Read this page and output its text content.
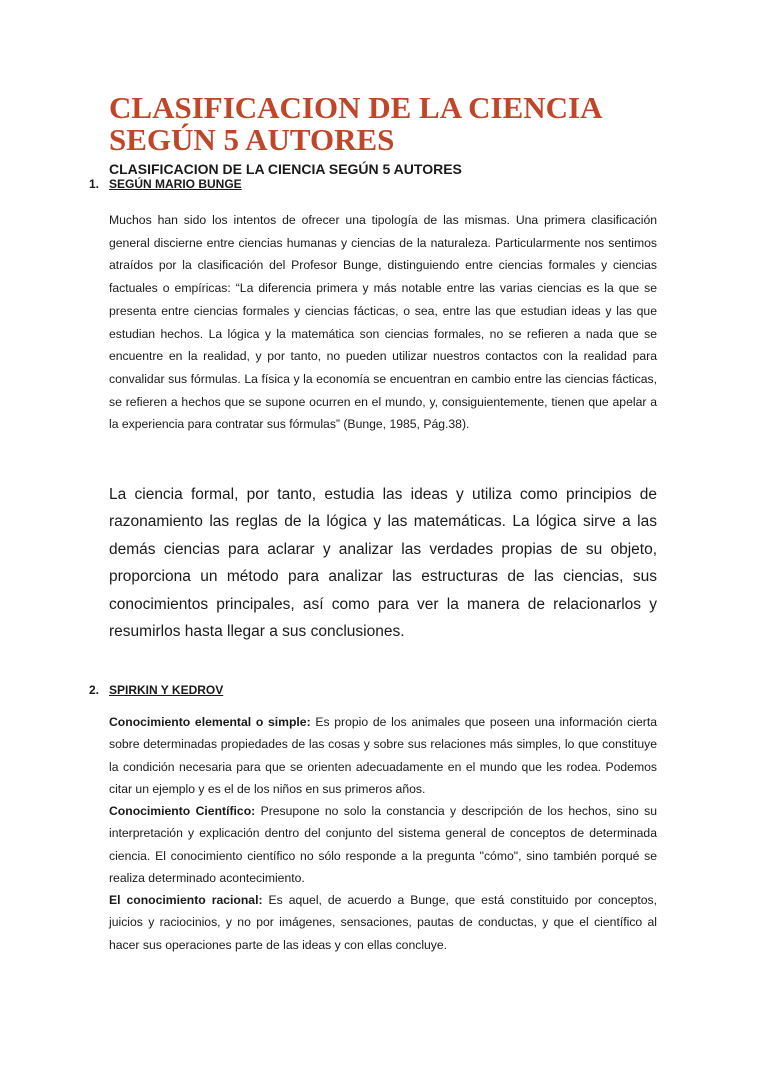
CLASIFICACION DE LA CIENCIA
SEGÚN 5 AUTORES
CLASIFICACION DE LA CIENCIA SEGÚN 5 AUTORES
1. SEGÚN MARIO BUNGE

Muchos han sido los intentos de ofrecer una tipología de las mismas. Una primera clasificación general discierne entre ciencias humanas y ciencias de la naturaleza. Particularmente nos sentimos atraídos por la clasificación del Profesor Bunge, distinguiendo entre ciencias formales y ciencias factuales o empíricas: “La diferencia primera y más notable entre las varias ciencias es la que se presenta entre ciencias formales y ciencias fácticas, o sea, entre las que estudian ideas y las que estudian hechos. La lógica y la matemática son ciencias formales, no se refieren a nada que se encuentre en la realidad, y por tanto, no pueden utilizar nuestros contactos con la realidad para convalidar sus fórmulas. La física y la economía se encuentran en cambio entre las ciencias fácticas, se refieren a hechos que se supone ocurren en el mundo, y, consiguientemente, tienen que apelar a la experiencia para contratar sus fórmulas” (Bunge, 1985, Pág.38).

La ciencia formal, por tanto, estudia las ideas y utiliza como principios de razonamiento las reglas de la lógica y las matemáticas. La lógica sirve a las demás ciencias para aclarar y analizar las verdades propias de su objeto, proporciona un método para analizar las estructuras de las ciencias, sus conocimientos principales, así como para ver la manera de relacionarlos y resumirlos hasta llegar a sus conclusiones.

2. SPIRKIN Y KEDROV

Conocimiento elemental o simple: Es propio de los animales que poseen una información cierta sobre determinadas propiedades de las cosas y sobre sus relaciones más simples, lo que constituye la condición necesaria para que se orienten adecuadamente en el mundo que les rodea. Podemos citar un ejemplo y es el de los niños en sus primeros años.

Conocimiento Científico: Presupone no solo la constancia y descripción de los hechos, sino su interpretación y explicación dentro del conjunto del sistema general de conceptos de determinada ciencia. El conocimiento científico no sólo responde a la pregunta "cómo", sino también porqué se realiza determinado acontecimiento.

El conocimiento racional: Es aquel, de acuerdo a Bunge, que está constituido por conceptos, juicios y raciocinios, y no por imágenes, sensaciones, pautas de conductas, y que el científico al hacer sus operaciones parte de las ideas y con ellas concluye.
